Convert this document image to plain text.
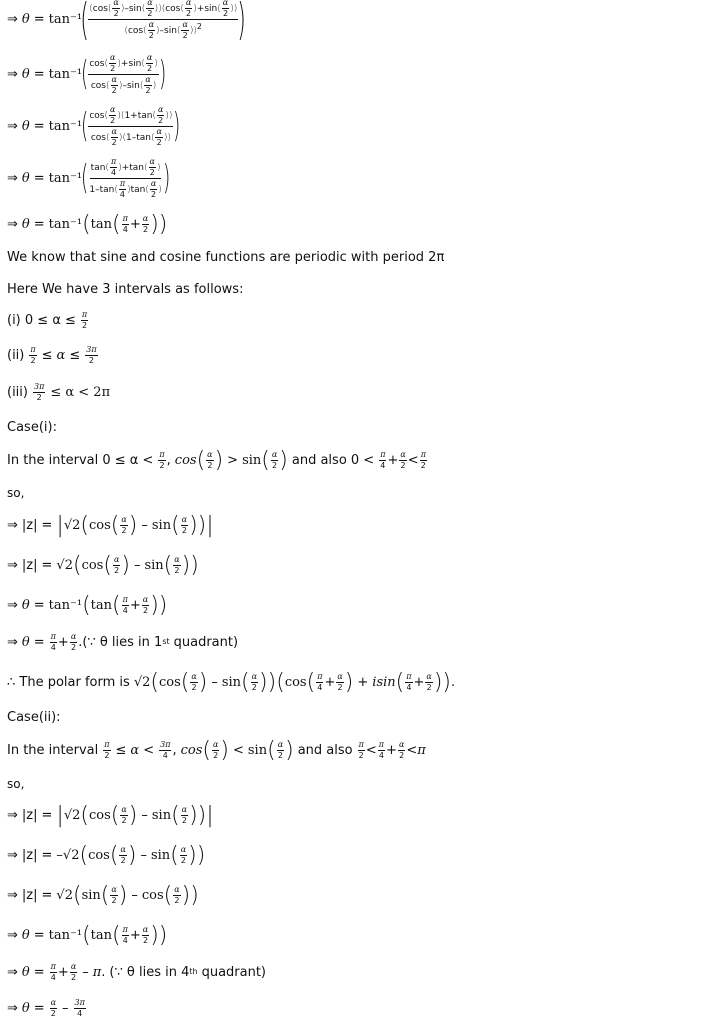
⇒ θ = tan⁻¹
( $\frac{(\cos( \frac{\alpha}{2} )-\sin( \frac{\alpha}{2} ))(\cos( \frac{\alpha}{2} )+\sin( \frac{\alpha}{2} ))}{(\cos( \frac{\alpha}{2} )-\sin( \frac{\alpha}{2} ))2}$ )
⇒ θ = tan⁻¹
( $\frac{\cos( \frac{\alpha}{2} )+\sin( \frac{\alpha}{2} )}{\cos( \frac{\alpha}{2} )-\sin( \frac{\alpha}{2} )}$ )
⇒ θ = tan⁻¹
( $\frac{\cos( \frac{\alpha}{2} )(1+\tan( \frac{\alpha}{2} ))}{\cos( \frac{\alpha}{2} )(1-\tan( \frac{\alpha}{2} ))}$ )
⇒ θ = tan⁻¹
( $\frac{\tan( \frac{\pi}{4} )+\tan( \frac{\alpha}{2} )}{1-\tan( \frac{\pi}{4} )\tan( \frac{\alpha}{2} )}$ )
⇒ θ = tan⁻¹ ( tan ( $\frac{\pi}{4} + \frac{\alpha}{2}$ ) )
We know that sine and cosine functions are periodic with period 2π
Here We have 3 intervals as follows:
(i) $0 \le \alpha \le \frac{\pi}{2}$
$(ii) \frac{\pi}{2} \le \alpha \le \frac{3\pi}{2}$
$(iii) \frac{3\pi}{2} \le \alpha < 2\pi$
Case(i):
In the interval $0 \le \alpha < \frac{\pi}{2}$ , cos ( $\frac{\alpha}{2}$ ) > sin ( $\frac{\alpha}{2}$ ) and also $0 < \frac{\pi}{4} + \frac{\alpha}{2} < \frac{\pi}{2}$
so,
⇒ |z| = | √2 ( cos ( $\frac{\alpha}{2}$ ) – sin ( $\frac{\alpha}{2}$ ) ) |
⇒ |z| = √2 ( cos ( $\frac{\alpha}{2}$ ) – sin ( $\frac{\alpha}{2}$ ) )
⇒ θ = tan⁻¹ ( tan ( $\frac{\pi}{4} + \frac{\alpha}{2}$ ) )
⇒ $\theta = \frac{\pi}{4} + \frac{\alpha}{2}$ . (∵ θ lies in 1 st quadrant)
∴ The polar form is √2 ( cos ( $\frac{\alpha}{2}$ ) – sin ( $\frac{\alpha}{2}$ ) ) ( cos ( $\frac{\pi}{4} + \frac{\alpha}{2}$ ) + isin ( $\frac{\pi}{4} + \frac{\alpha}{2}$ ) ) .
Case(ii):
In the interval $\frac{\pi}{2} \le \alpha < \frac{3\pi}{4}$ , cos ( $\frac{\alpha}{2}$ ) < sin ( $\frac{\alpha}{2}$ ) and also $\frac{\pi}{2} < \frac{\pi}{4} + \frac{\alpha}{2} < \pi$
so,
⇒ |z| = | √2 ( cos ( $\frac{\alpha}{2}$ ) – sin ( $\frac{\alpha}{2}$ ) ) |
⇒ |z| = –√2 ( cos ( $\frac{\alpha}{2}$ ) – sin ( $\frac{\alpha}{2}$ ) )
⇒ |z| = √2 ( sin ( $\frac{\alpha}{2}$ ) – cos ( $\frac{\alpha}{2}$ ) )
⇒ θ = tan⁻¹ ( tan ( $\frac{\pi}{4} + \frac{\alpha}{2}$ ) )
⇒ $\theta = \frac{\pi}{4} + \frac{\alpha}{2} - \pi$ . (∵ θ lies in 4 th quadrant)
⇒ $\theta = \frac{\alpha}{2} - \frac{3\pi}{4}$
